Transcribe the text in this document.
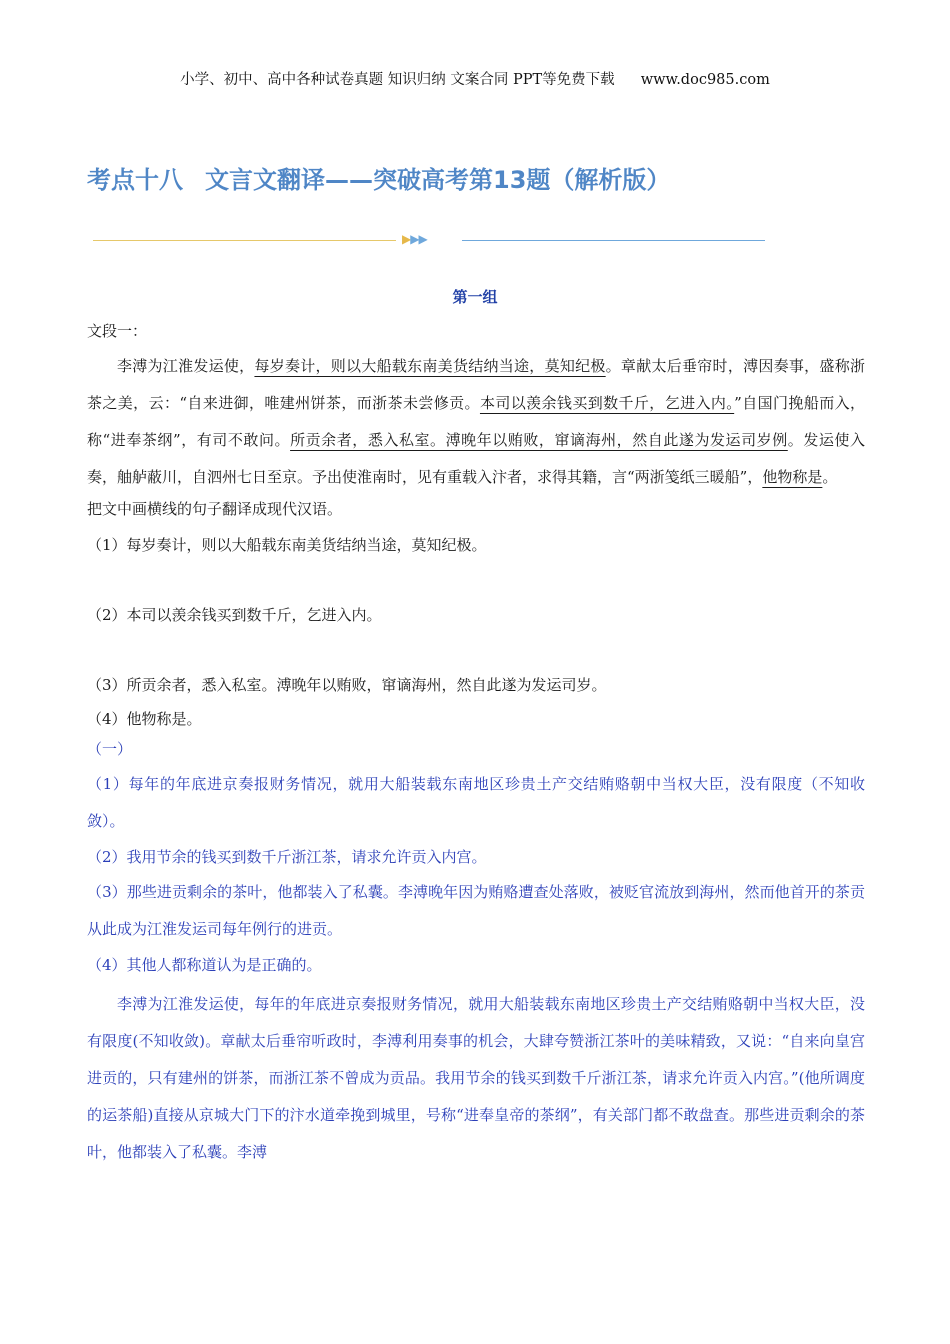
小学、初中、高中各种试卷真题 知识归纳 文案合同 PPT等免费下载 www.doc985.com
考点十八 文言文翻译——突破高考第13题（解析版）
▶▶▶
第一组
文段一：
李溥为江淮发运使，每岁奏计，则以大船载东南美货结纳当途，莫知纪极。章献太后垂帘时，溥因奏事，盛称浙茶之美，云：“自来进御，唯建州饼茶，而浙茶未尝修贡。本司以羡余钱买到数千斤，乞进入内。”自国门挽船而入，称“进奉茶纲”，有司不敢问。所贡余者，悉入私室。溥晚年以贿败，窜谪海州，然自此遂为发运司岁例。发运使入奏，舳舻蔽川，自泗州七日至京。予出使淮南时，见有重载入汴者，求得其籍，言“两浙笺纸三暖船”，他物称是。
把文中画横线的句子翻译成现代汉语。
（1）每岁奏计，则以大船载东南美货结纳当途，莫知纪极。
（2）本司以羡余钱买到数千斤，乞进入内。
（3）所贡余者，悉入私室。溥晚年以贿败，窜谪海州，然自此遂为发运司岁。
（4）他物称是。
（一）
（1）每年的年底进京奏报财务情况，就用大船装载东南地区珍贵土产交结贿赂朝中当权大臣，没有限度（不知收敛）。
（2）我用节余的钱买到数千斤浙江茶，请求允许贡入内宫。
（3）那些进贡剩余的茶叶，他都装入了私囊。李溥晚年因为贿赂遭查处落败，被贬官流放到海州，然而他首开的茶贡从此成为江淮发运司每年例行的进贡。
（4）其他人都称道认为是正确的。
李溥为江淮发运使，每年的年底进京奏报财务情况，就用大船装载东南地区珍贵土产交结贿赂朝中当权大臣，没有限度(不知收敛)。章献太后垂帘听政时，李溥利用奏事的机会，大肆夸赞浙江茶叶的美味精致，又说：“自来向皇宫进贡的，只有建州的饼茶，而浙江茶不曾成为贡品。我用节余的钱买到数千斤浙江茶，请求允许贡入内宫。”(他所调度的运茶船)直接从京城大门下的汴水道牵挽到城里，号称“进奉皇帝的茶纲”，有关部门都不敢盘查。那些进贡剩余的茶叶，他都装入了私囊。李溥
